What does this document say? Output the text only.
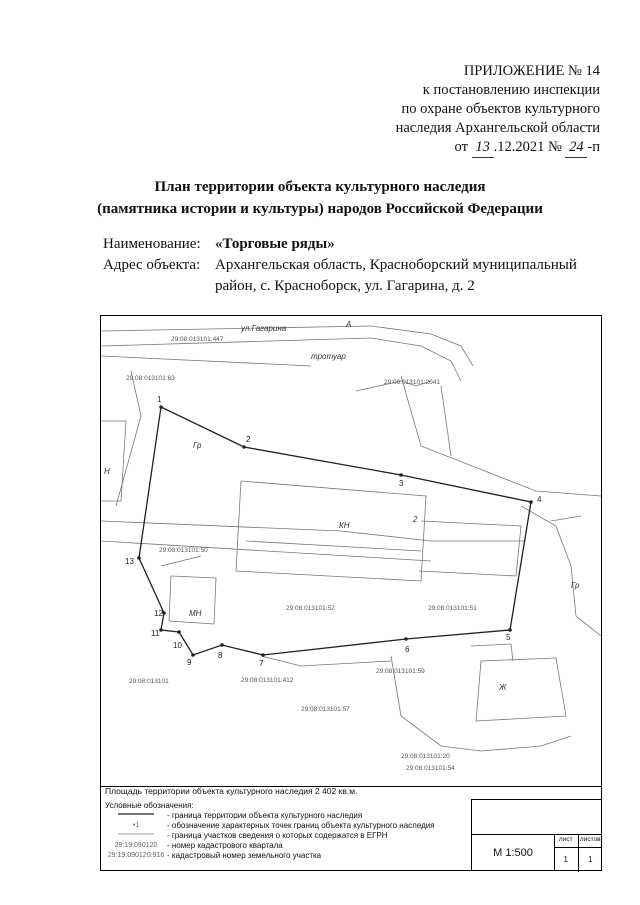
ПРИЛОЖЕНИЕ № 14
к постановлению инспекции
по охране объектов культурного
наследия Архангельской области
от 13 .12.2021 № 24 -п
План территории объекта культурного наследия
(памятника истории и культуры) народов Российской Федерации
Наименование: «Торговые ряды»
Адрес объекта: Архангельская область, Красноборский муниципальный
район, с. Красноборск, ул. Гагарина, д. 2
1
2
3
4
5
6
7
8
9
10
11
12
13
29:08:013101:447
29:08:013101:63
29:08:013101:2041
29:08:013101:50
29:08:013101:52	29:08:013101:51
29:08:013101:59
29:08:013101	29:08:013101:412
29:08:013101:57
29:08:013101:20
29:08:013101:54
ул.Гагарина	А
тротуар
Гр
Гр
Н
КН
2
МН
Ж
Площадь территории объекта культурного наследия 2 402 кв.м.
Условные обозначения:
- граница территории объекта культурного наследия
•1	- обозначение характерных точек границ объекта культурного наследия
- граница участков сведения о которых содержатся в ЕГРН
29:19:090120	- номер кадастрового квартала
29:19:090120:916 - кадастровый номер земельного участка	М 1:500
лист	листов
1	1
